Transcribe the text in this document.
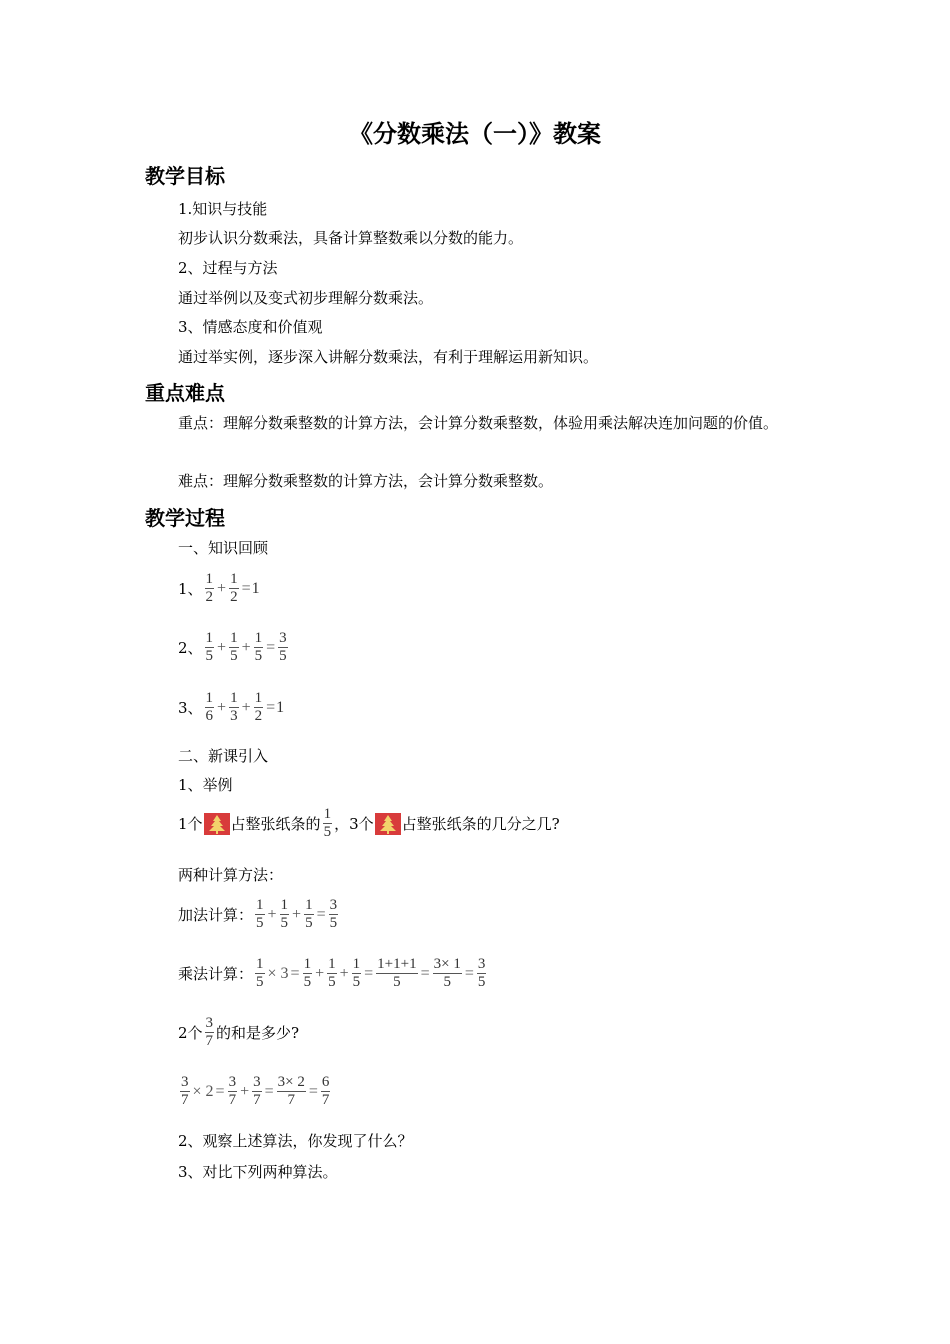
《分数乘法（一）》教案
教学目标
1.知识与技能
初步认识分数乘法，具备计算整数乘以分数的能力。
2、过程与方法
通过举例以及变式初步理解分数乘法。
3、情感态度和价值观
通过举实例，逐步深入讲解分数乘法，有利于理解运用新知识。
重点难点

重点：理解分数乘整数的计算方法，会计算分数乘整数，体验用乘法解决连加问题的价值。

难点：理解分数乘整数的计算方法，会计算分数乘整数。
教学过程
一、知识回顾
1、 $\frac{1}{2} + \frac{1}{2} = 1$
2、 $\frac{1}{5} + \frac{1}{5} + \frac{1}{5} = \frac{3}{5}$
3、 $\frac{1}{6} + \frac{1}{3} + \frac{1}{2} = 1$
二、新课引入
1、举例
1个 占整张纸条的 $\frac{1}{5}$ ，3个 占整张纸条的几分之几?
两种计算方法：
加法计算： $\frac{1}{5} + \frac{1}{5} + \frac{1}{5} = \frac{3}{5}$
乘法计算： $\frac{1}{5} \times 3 = \frac{1}{5} + \frac{1}{5} + \frac{1}{5} = \frac{1+1+1}{5} = \frac{3\times 1}{5} = \frac{3}{5}$
2个 $\frac{3}{7}$ 的和是多少?
$\frac{3}{7} \times 2 = \frac{3}{7} + \frac{3}{7} = \frac{3\times 2}{7} = \frac{6}{7}$
2、观察上述算法，你发现了什么？
3、对比下列两种算法。
